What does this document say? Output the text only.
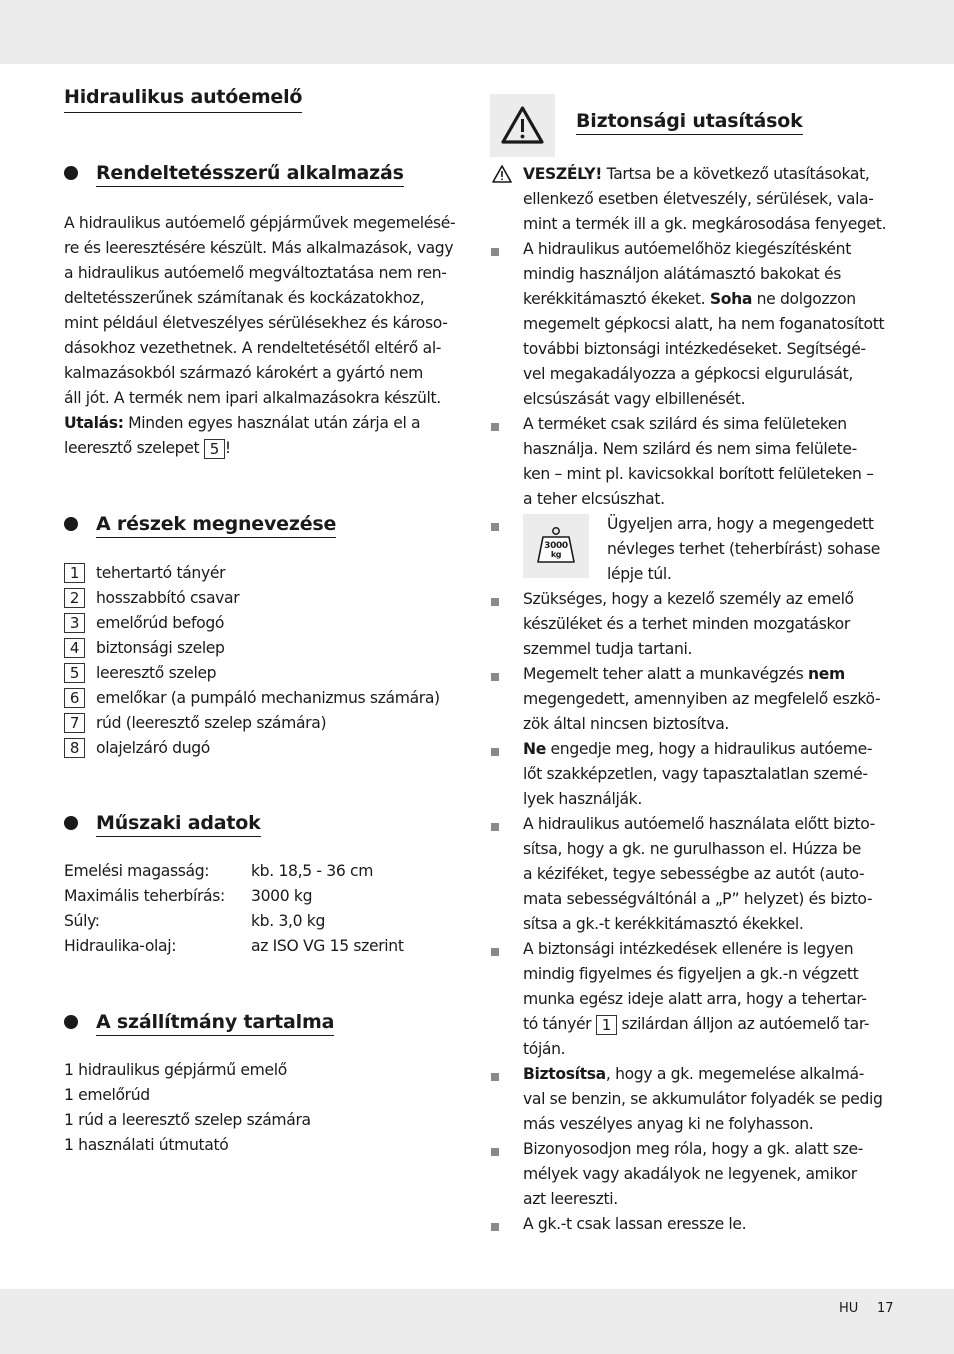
Hidraulikus autóemelő
Rendeltetésszerű alkalmazás
A hidraulikus autóemelő gépjárművek megemelésé-
re és leeresztésére készült. Más alkalmazások, vagy
a hidraulikus autóemelő megváltoztatása nem ren-
deltetésszerűnek számítanak és kockázatokhoz,
mint például életveszélyes sérülésekhez és károso-
dásokhoz vezethetnek. A rendeltetésétől eltérő al-
kalmazásokból származó károkért a gyártó nem
áll jót. A termék nem ipari alkalmazásokra készült.
Utalás: Minden egyes használat után zárja el a
leeresztő szelepet 5 !
A részek megnevezése
1	tehertartó tányér
2	hosszabbító csavar
3	emelőrúd befogó
4	biztonsági szelep
5	leeresztő szelep
6	emelőkar (a pumpáló mechanizmus számára)
7	rúd (leeresztő szelep számára)
8	olajelzáró dugó
Műszaki adatok
Emelési magasság:	kb. 18,5 - 36 cm
Maximális teherbírás:	3000 kg
Súly:	kb. 3,0 kg
Hidraulika-olaj:	az ISO VG 15 szerint
A szállítmány tartalma
1 hidraulikus gépjármű emelő
1 emelőrúd
1 rúd a leeresztő szelep számára
1 használati útmutató
Biztonsági utasítások
VESZÉLY! Tartsa be a következő utasításokat,
ellenkező esetben életveszély, sérülések, vala-
mint a termék ill a gk. megkárosodása fenyeget.
A hidraulikus autóemelőhöz kiegészítésként
mindig használjon alátámasztó bakokat és
kerékkitámasztó ékeket. Soha ne dolgozzon
megemelt gépkocsi alatt, ha nem foganatosított
további biztonsági intézkedéseket. Segítségé-
vel megakadályozza a gépkocsi elgurulását,
elcsúszását vagy elbillenését.
A terméket csak szilárd és sima felületeken
használja. Nem szilárd és nem sima felülete-
ken – mint pl. kavicsokkal borított felületeken –
a teher elcsúszhat.
3000
kg
Ügyeljen arra, hogy a megengedett
névleges terhet (teherbírást) sohase
lépje túl.
Szükséges, hogy a kezelő személy az emelő
készüléket és a terhet minden mozgatáskor
szemmel tudja tartani.
Megemelt teher alatt a munkavégzés nem
megengedett, amennyiben az megfelelő eszkö-
zök által nincsen biztosítva.
Ne engedje meg, hogy a hidraulikus autóeme-
lőt szakképzetlen, vagy tapasztalatlan szemé-
lyek használják.
A hidraulikus autóemelő használata előtt bizto-
sítsa, hogy a gk. ne gurulhasson el. Húzza be
a kéziféket, tegye sebességbe az autót (auto-
mata sebességváltónál a „P” helyzet) és bizto-
sítsa a gk.-t kerékkitámasztó ékekkel.
A biztonsági intézkedések ellenére is legyen
mindig figyelmes és figyeljen a gk.-n végzett
munka egész ideje alatt arra, hogy a tehertar-
tó tányér 1 szilárdan álljon az autóemelő tar-
tóján.
Biztosítsa, hogy a gk. megemelése alkalmá-
val se benzin, se akkumulátor folyadék se pedig
más veszélyes anyag ki ne folyhasson.
Bizonyosodjon meg róla, hogy a gk. alatt sze-
mélyek vagy akadályok ne legyenek, amikor
azt leereszti.
A gk.-t csak lassan eressze le.
HU 17
